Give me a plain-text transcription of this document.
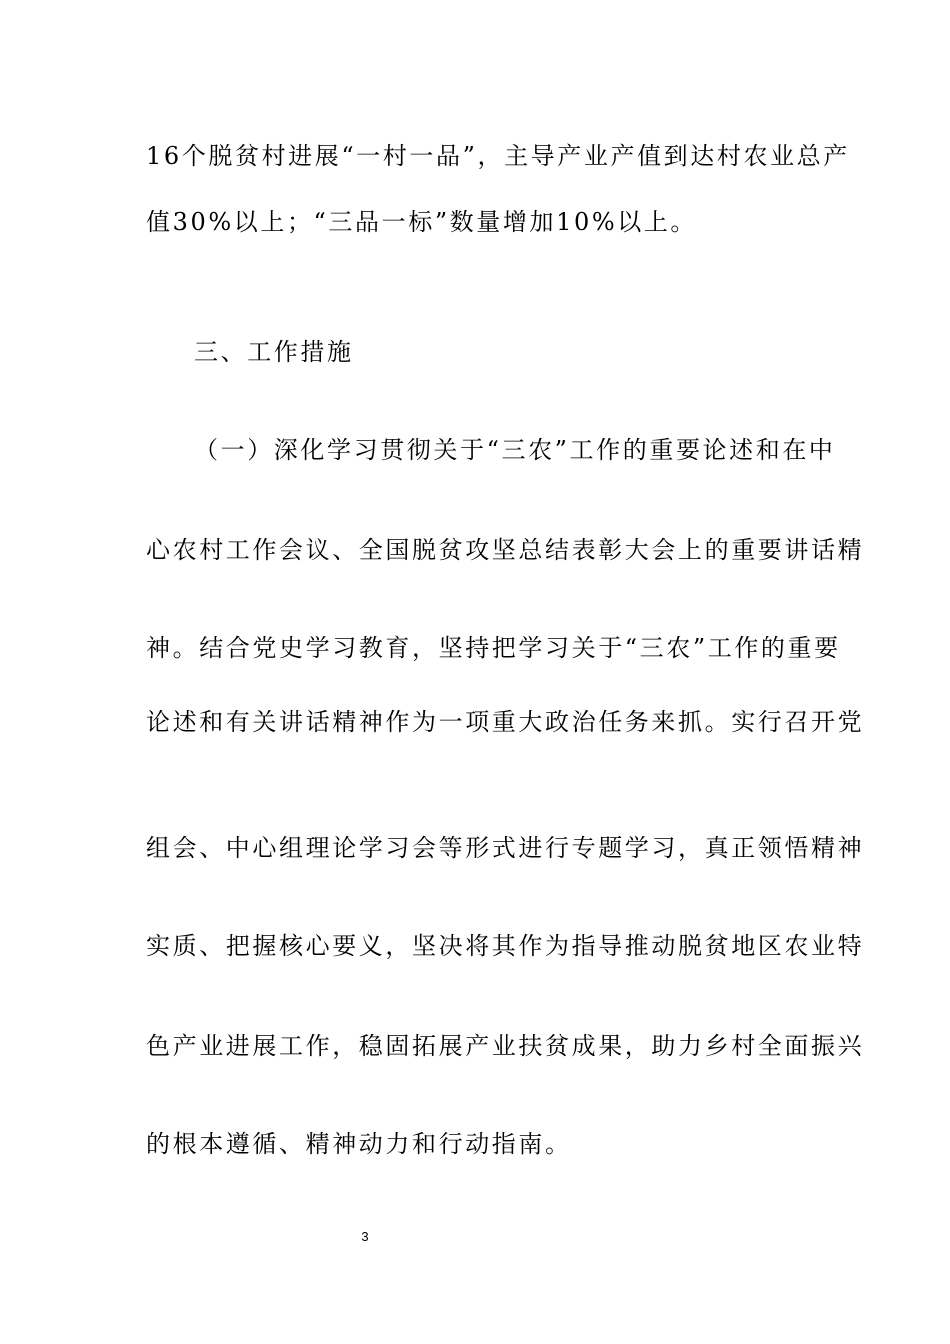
16个脱贫村进展“一村一品”，主导产业产值到达村农业总产
值30%以上；“三品一标”数量增加10%以上。
三、工作措施
（一）深化学习贯彻关于“三农”工作的重要论述和在中
心农村工作会议、全国脱贫攻坚总结表彰大会上的重要讲话精
神。结合党史学习教育，坚持把学习关于“三农”工作的重要
论述和有关讲话精神作为一项重大政治任务来抓。实行召开党
组会、中心组理论学习会等形式进行专题学习，真正领悟精神
实质、把握核心要义，坚决将其作为指导推动脱贫地区农业特
色产业进展工作，稳固拓展产业扶贫成果，助力乡村全面振兴
的根本遵循、精神动力和行动指南。
3
